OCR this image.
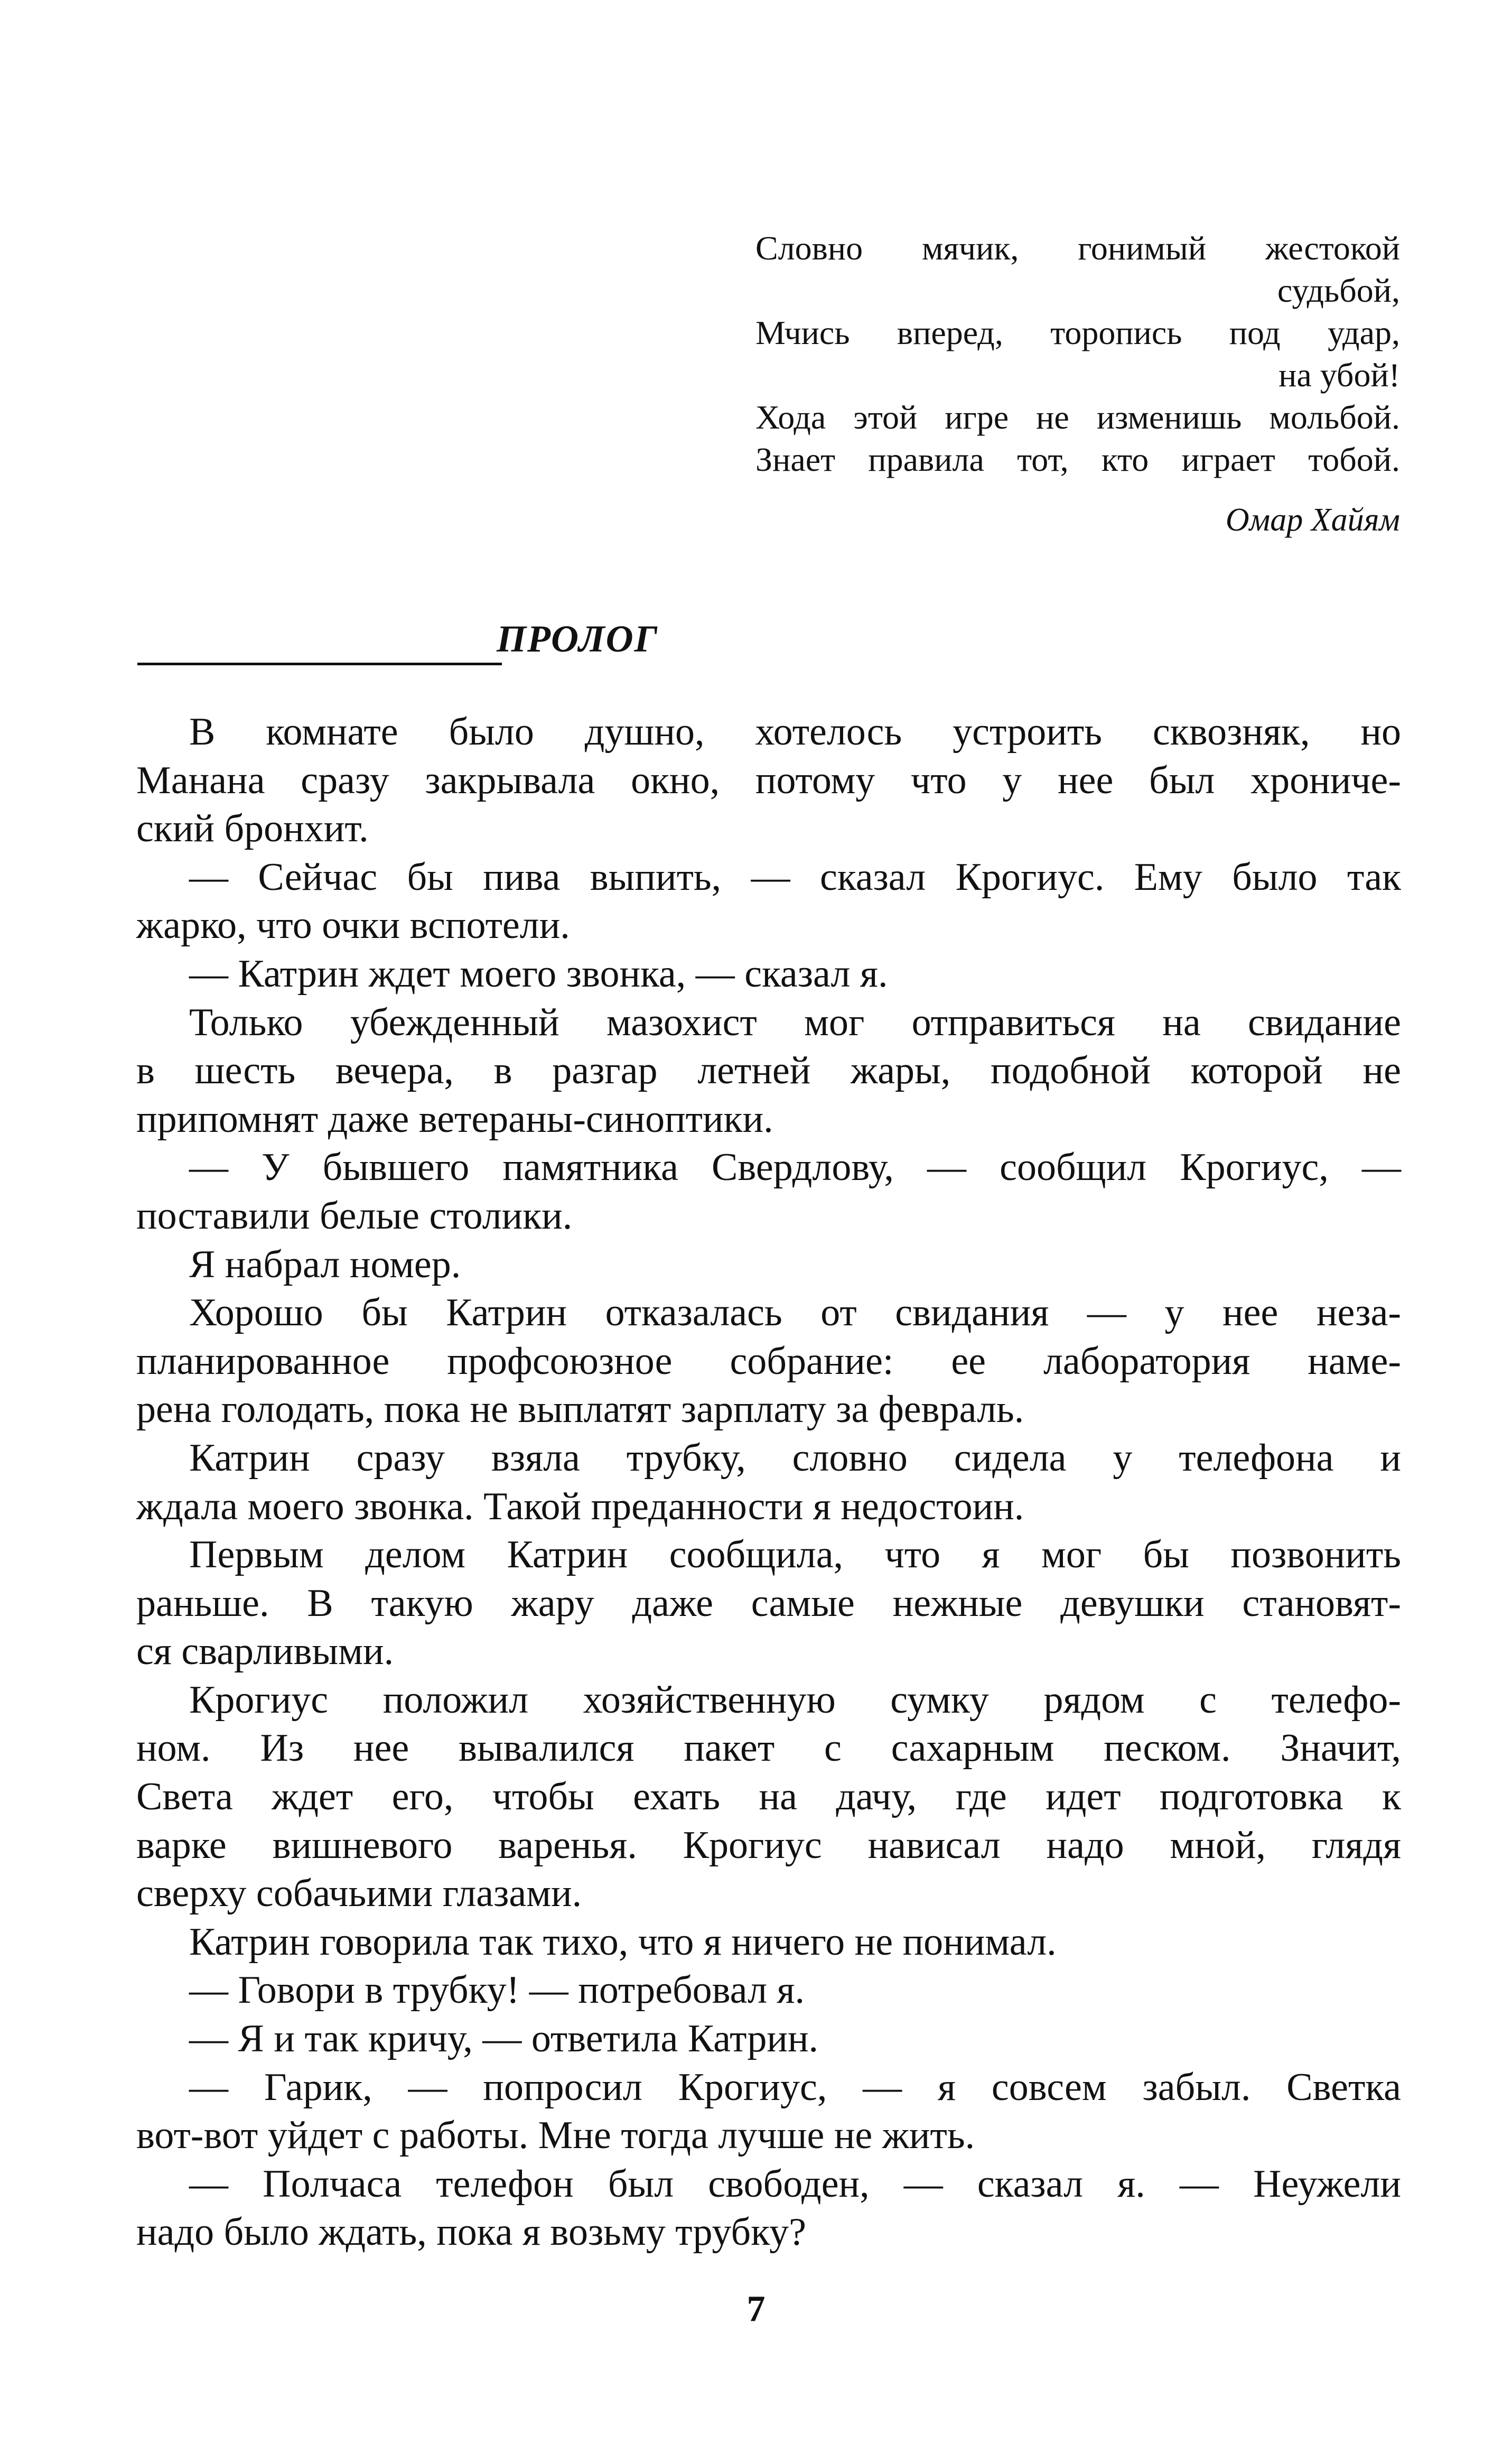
Словно мячик, гонимый жестокой
судьбой,
Мчись вперед, торопись под удар,
на убой!
Хода этой игре не изменишь мольбой.
Знает правила тот, кто играет тобой.
Омар Хайям
ПРОЛОГ
В комнате было душно, хотелось устроить сквозняк, но
Манана сразу закрывала окно, потому что у нее был хрониче-
ский бронхит.
— Сейчас бы пива выпить, — сказал Крогиус. Ему было так
жарко, что очки вспотели.
— Катрин ждет моего звонка, — сказал я.
Только убежденный мазохист мог отправиться на свидание
в шесть вечера, в разгар летней жары, подобной которой не
припомнят даже ветераны-синоптики.
— У бывшего памятника Свердлову, — сообщил Крогиус, —
поставили белые столики.
Я набрал номер.
Хорошо бы Катрин отказалась от свидания — у нее неза-
планированное профсоюзное собрание: ее лаборатория наме-
рена голодать, пока не выплатят зарплату за февраль.
Катрин сразу взяла трубку, словно сидела у телефона и
ждала моего звонка. Такой преданности я недостоин.
Первым делом Катрин сообщила, что я мог бы позвонить
раньше. В такую жару даже самые нежные девушки становят-
ся сварливыми.
Крогиус положил хозяйственную сумку рядом с телефо-
ном. Из нее вывалился пакет с сахарным песком. Значит,
Света ждет его, чтобы ехать на дачу, где идет подготовка к
варке вишневого варенья. Крогиус нависал надо мной, глядя
сверху собачьими глазами.
Катрин говорила так тихо, что я ничего не понимал.
— Говори в трубку! — потребовал я.
— Я и так кричу, — ответила Катрин.
— Гарик, — попросил Крогиус, — я совсем забыл. Светка
вот-вот уйдет с работы. Мне тогда лучше не жить.
— Полчаса телефон был свободен, — сказал я. — Неужели
надо было ждать, пока я возьму трубку?
7
